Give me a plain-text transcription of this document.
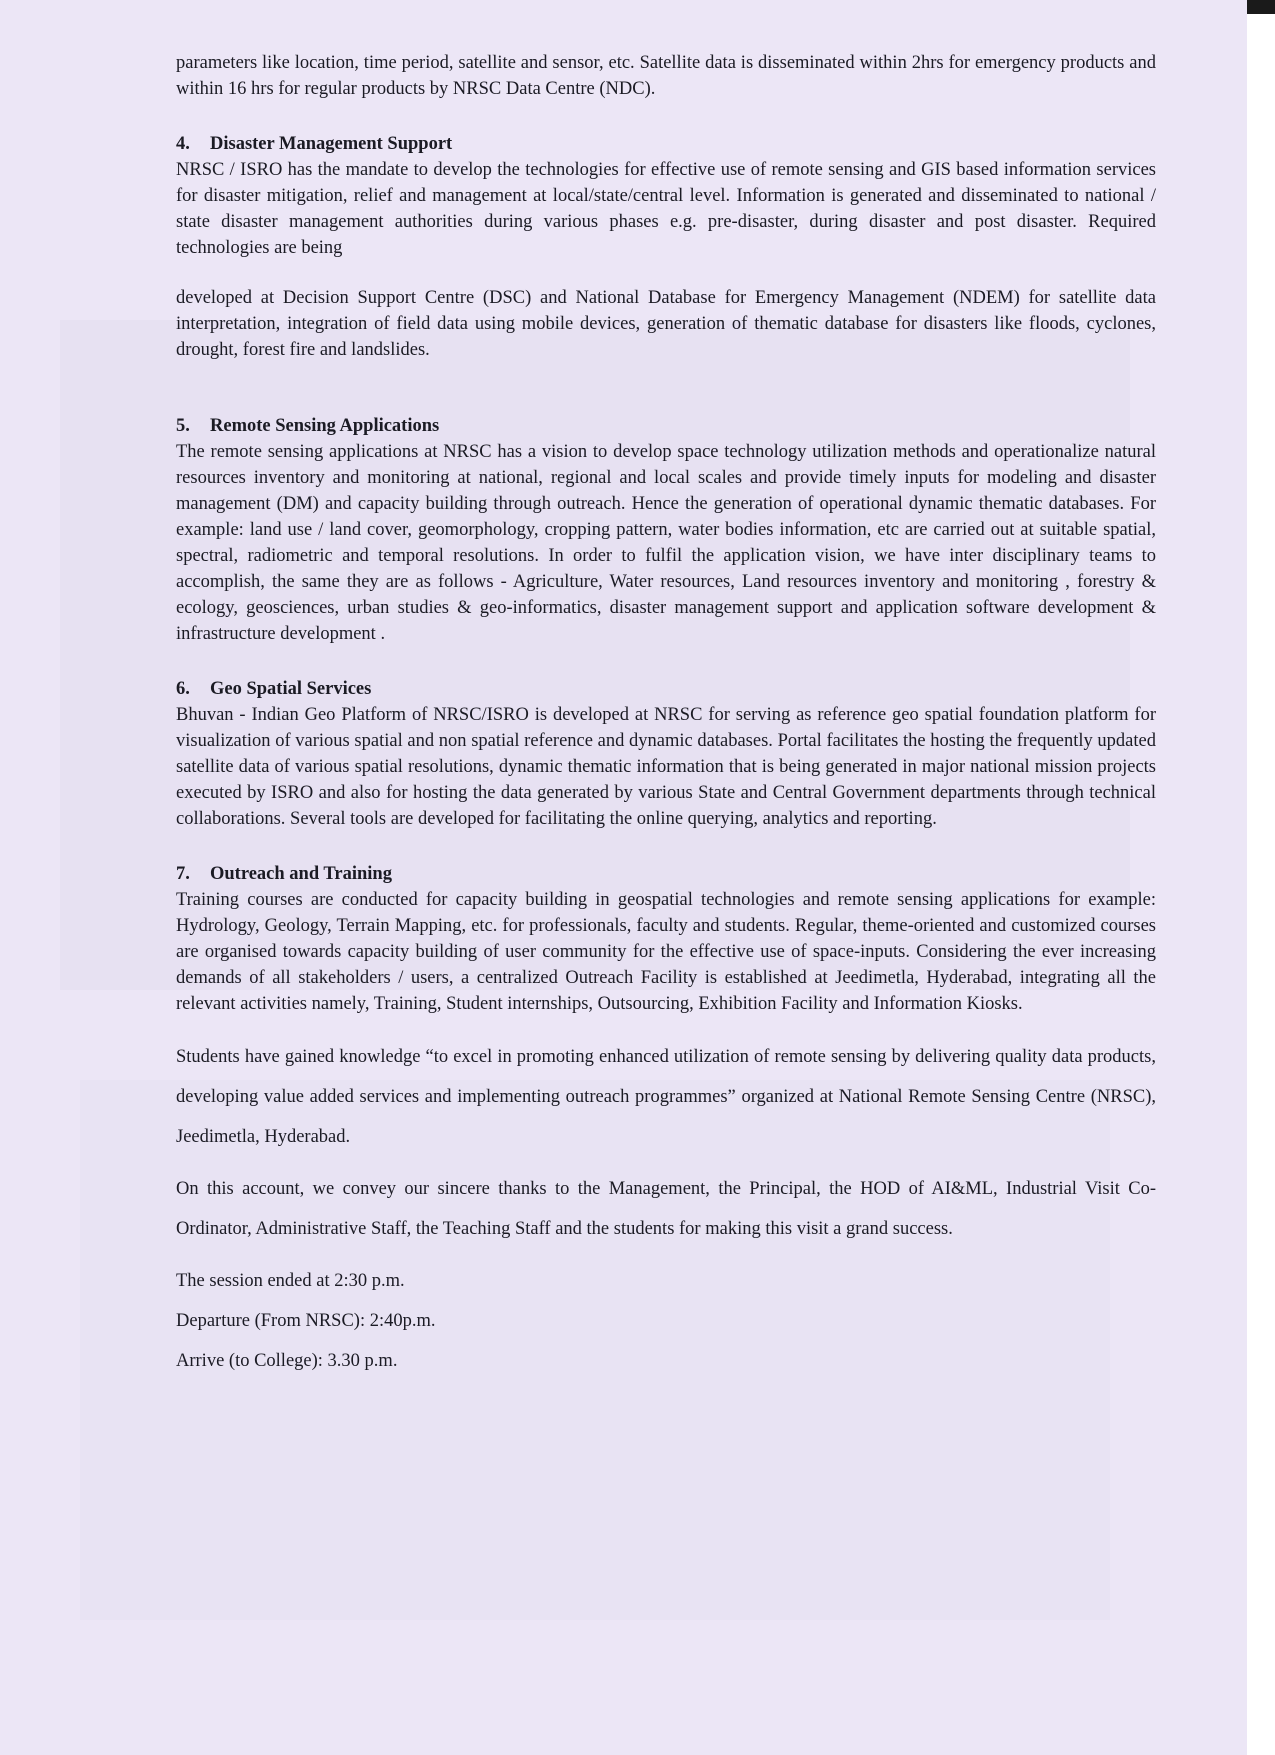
parameters like location, time period, satellite and sensor, etc. Satellite data is disseminated within 2hrs for emergency products and within 16 hrs for regular products by NRSC Data Centre (NDC).

4. Disaster Management Support

NRSC / ISRO has the mandate to develop the technologies for effective use of remote sensing and GIS based information services for disaster mitigation, relief and management at local/state/central level. Information is generated and disseminated to national / state disaster management authorities during various phases e.g. pre-disaster, during disaster and post disaster. Required technologies are being

developed at Decision Support Centre (DSC) and National Database for Emergency Management (NDEM) for satellite data interpretation, integration of field data using mobile devices, generation of thematic database for disasters like floods, cyclones, drought, forest fire and landslides.

5. Remote Sensing Applications

The remote sensing applications at NRSC has a vision to develop space technology utilization methods and operationalize natural resources inventory and monitoring at national, regional and local scales and provide timely inputs for modeling and disaster management (DM) and capacity building through outreach. Hence the generation of operational dynamic thematic databases. For example: land use / land cover, geomorphology, cropping pattern, water bodies information, etc are carried out at suitable spatial, spectral, radiometric and temporal resolutions. In order to fulfil the application vision, we have inter disciplinary teams to accomplish, the same they are as follows - Agriculture, Water resources, Land resources inventory and monitoring , forestry & ecology, geosciences, urban studies & geo-informatics, disaster management support and application software development & infrastructure development .

6. Geo Spatial Services

Bhuvan - Indian Geo Platform of NRSC/ISRO is developed at NRSC for serving as reference geo spatial foundation platform for visualization of various spatial and non spatial reference and dynamic databases. Portal facilitates the hosting the frequently updated satellite data of various spatial resolutions, dynamic thematic information that is being generated in major national mission projects executed by ISRO and also for hosting the data generated by various State and Central Government departments through technical collaborations. Several tools are developed for facilitating the online querying, analytics and reporting.

7. Outreach and Training

Training courses are conducted for capacity building in geospatial technologies and remote sensing applications for example: Hydrology, Geology, Terrain Mapping, etc. for professionals, faculty and students. Regular, theme-oriented and customized courses are organised towards capacity building of user community for the effective use of space-inputs. Considering the ever increasing demands of all stakeholders / users, a centralized Outreach Facility is established at Jeedimetla, Hyderabad, integrating all the relevant activities namely, Training, Student internships, Outsourcing, Exhibition Facility and Information Kiosks.

Students have gained knowledge “to excel in promoting enhanced utilization of remote sensing by delivering quality data products, developing value added services and implementing outreach programmes” organized at National Remote Sensing Centre (NRSC), Jeedimetla, Hyderabad.

On this account, we convey our sincere thanks to the Management, the Principal, the HOD of AI&ML, Industrial Visit Co-Ordinator, Administrative Staff, the Teaching Staff and the students for making this visit a grand success.

The session ended at 2:30 p.m.

Departure (From NRSC): 2:40p.m.

Arrive (to College): 3.30 p.m.
